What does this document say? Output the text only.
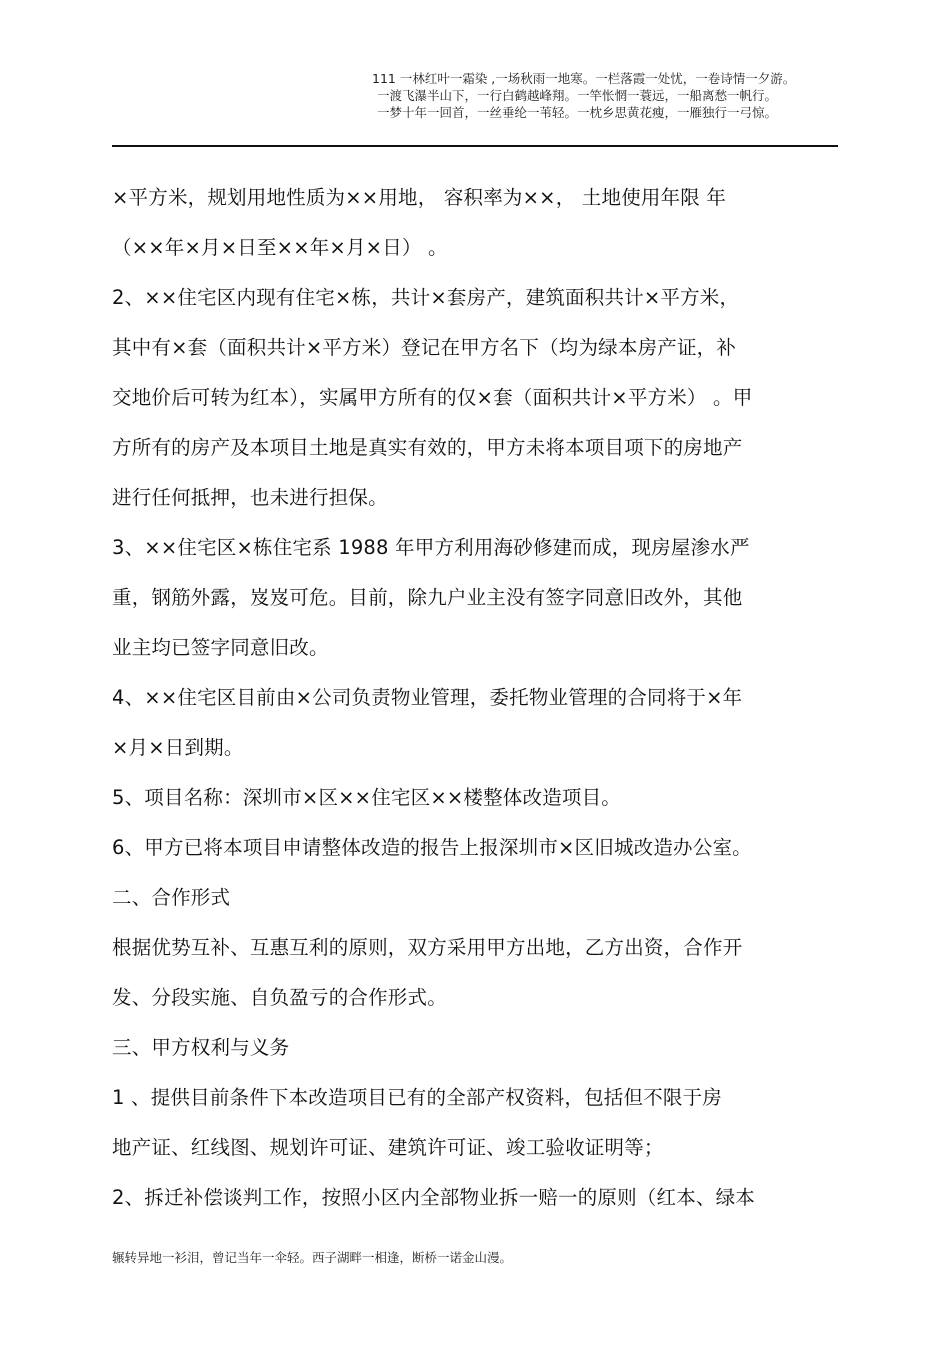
111 一林红叶一霜染 ,一场秋雨一地寒。一栏落霞一处忧，一卷诗情一夕游。
一渡飞瀑半山下，一行白鹤越峰翔。一竿怅惘一蓑远，一船离愁一帆行。
一梦十年一回首，一丝垂纶一苇轻。一枕乡思黄花瘦，一雁独行一弓惊。
×平方米，规划用地性质为××用地， 容积率为××， 土地使用年限 年
（××年×月×日至××年×月×日） 。
2、××住宅区内现有住宅×栋，共计×套房产，建筑面积共计×平方米，
其中有×套（面积共计×平方米）登记在甲方名下（均为绿本房产证，补
交地价后可转为红本），实属甲方所有的仅×套（面积共计×平方米） 。甲
方所有的房产及本项目土地是真实有效的，甲方未将本项目项下的房地产
进行任何抵押，也未进行担保。
3、××住宅区×栋住宅系 1988 年甲方利用海砂修建而成，现房屋渗水严
重，钢筋外露，岌岌可危。目前，除九户业主没有签字同意旧改外，其他
业主均已签字同意旧改。
4、××住宅区目前由×公司负责物业管理，委托物业管理的合同将于×年
×月×日到期。
5、项目名称：深圳市×区××住宅区××楼整体改造项目。
6、甲方已将本项目申请整体改造的报告上报深圳市×区旧城改造办公室。
二、合作形式
根据优势互补、互惠互利的原则，双方采用甲方出地，乙方出资，合作开
发、分段实施、自负盈亏的合作形式。
三、甲方权利与义务
1 、提供目前条件下本改造项目已有的全部产权资料，包括但不限于房
地产证、红线图、规划许可证、建筑许可证、竣工验收证明等；
2、拆迁补偿谈判工作，按照小区内全部物业拆一赔一的原则（红本、绿本
辗转异地一衫泪，曾记当年一伞轻。西子湖畔一相逢，断桥一诺金山漫。
